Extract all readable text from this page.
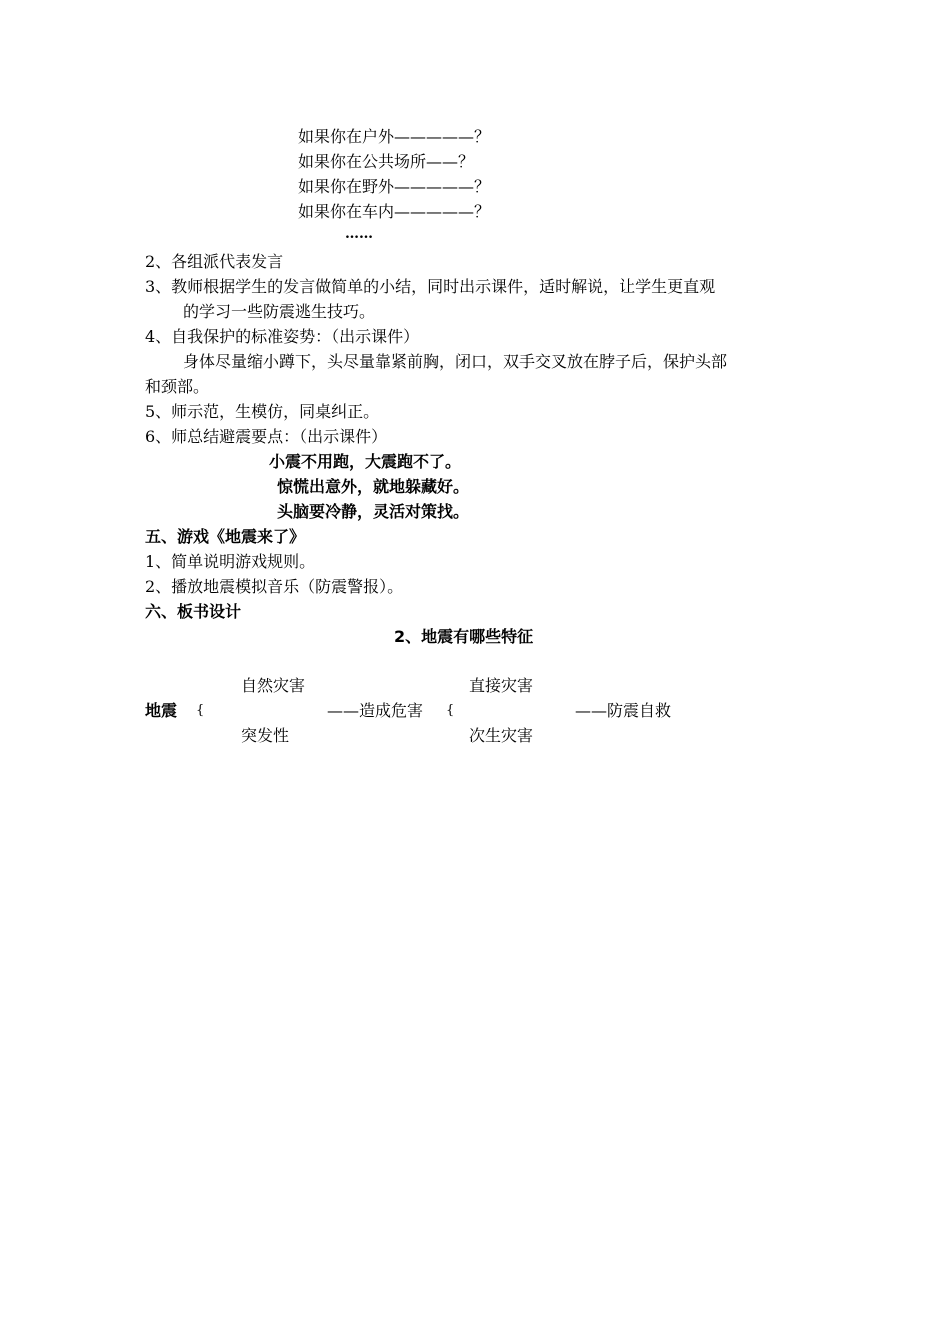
如果你在户外—————？
如果你在公共场所——？
如果你在野外—————？
如果你在车内—————？
……
2、各组派代表发言
3、教师根据学生的发言做简单的小结，同时出示课件，适时解说，让学生更直观
的学习一些防震逃生技巧。
4、自我保护的标准姿势：（出示课件）
身体尽量缩小蹲下，头尽量靠紧前胸，闭口，双手交叉放在脖子后，保护头部
和颈部。
5、师示范，生模仿，同桌纠正。
6、师总结避震要点：（出示课件）
小震不用跑，大震跑不了。
惊慌出意外，就地躲藏好。
头脑要冷静，灵活对策找。
五、游戏《地震来了》
1、简单说明游戏规则。
2、播放地震模拟音乐（防震警报）。
六、板书设计
2、地震有哪些特征
自然灾害	直接灾害
地震 {	——造成危害 {	——防震自救
突发性	次生灾害
